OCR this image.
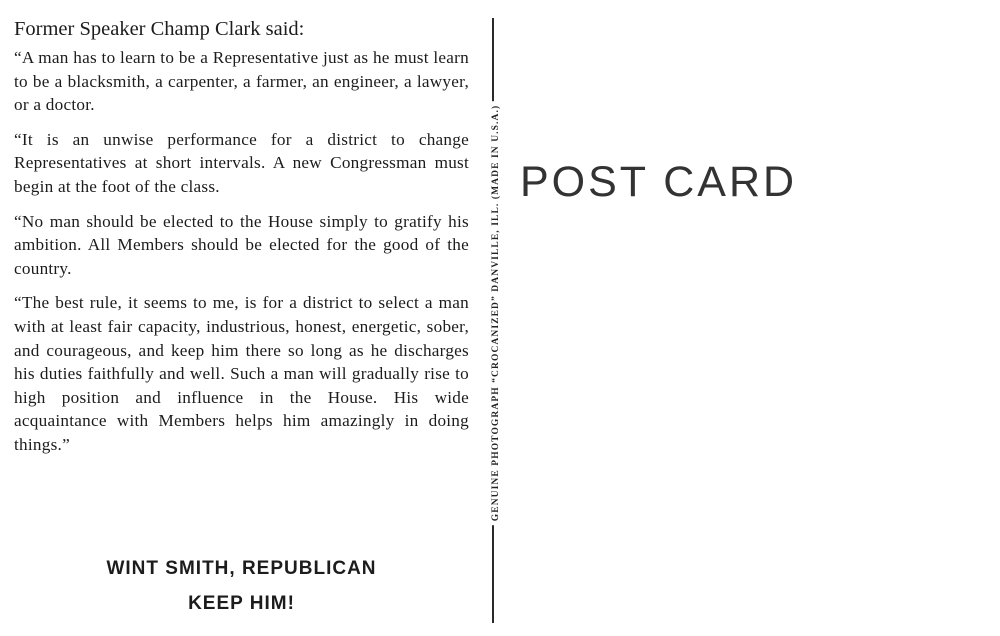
Former Speaker Champ Clark said:

“A man has to learn to be a Representative just as he must learn to be a blacksmith, a carpenter, a farmer, an engineer, a lawyer, or a doctor.

“It is an unwise performance for a district to change Representatives at short intervals. A new Congressman must begin at the foot of the class.

“No man should be elected to the House simply to gratify his ambition. All Members should be elected for the good of the country.

“The best rule, it seems to me, is for a district to select a man with at least fair capacity, industrious, honest, energetic, sober, and courageous, and keep him there so long as he discharges his duties faithfully and well. Such a man will gradually rise to high position and influence in the House. His wide acquaintance with Members helps him amazingly in doing things.”

WINT SMITH, REPUBLICAN
KEEP HIM!
GENUINE PHOTOGRAPH “CROCANIZED” DANVILLE, ILL. (MADE IN U.S.A.) POST CARD
